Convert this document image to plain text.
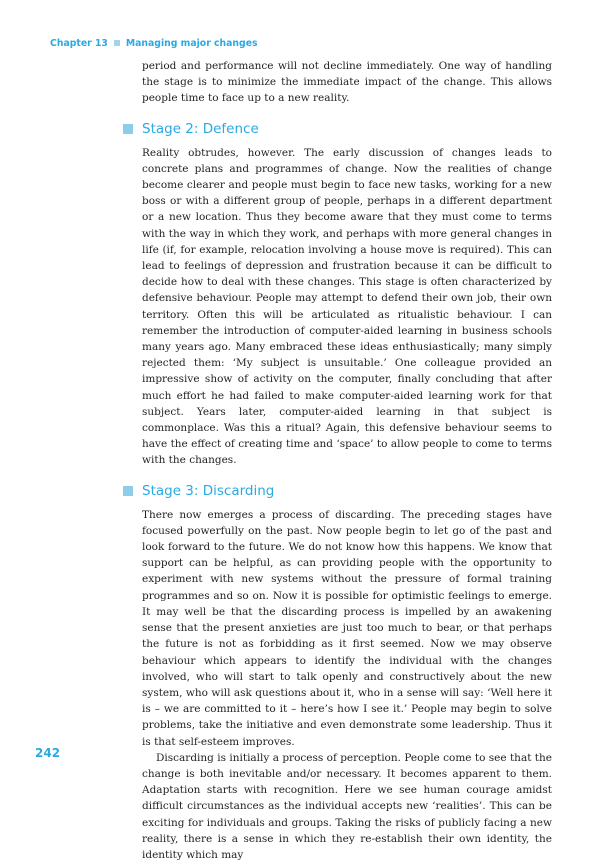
Chapter 13 Managing major changes

period and performance will not decline immediately. One way of handling the stage is to minimize the immediate impact of the change. This allows people time to face up to a new reality.

Stage 2: Defence

Reality obtrudes, however. The early discussion of changes leads to concrete plans and programmes of change. Now the realities of change become clearer and people must begin to face new tasks, working for a new boss or with a different group of people, perhaps in a different department or a new location. Thus they become aware that they must come to terms with the way in which they work, and perhaps with more general changes in life (if, for example, relocation involving a house move is required). This can lead to feelings of depression and frustration because it can be difficult to decide how to deal with these changes. This stage is often characterized by defensive behaviour. People may attempt to defend their own job, their own territory. Often this will be articulated as ritualistic behaviour. I can remember the introduction of computer-aided learning in business schools many years ago. Many embraced these ideas enthusiastically; many simply rejected them: ‘My subject is unsuitable.’ One colleague provided an impressive show of activity on the computer, finally concluding that after much effort he had failed to make computer-aided learning work for that subject. Years later, computer-aided learning in that subject is commonplace. Was this a ritual? Again, this defensive behaviour seems to have the effect of creating time and ‘space’ to allow people to come to terms with the changes.

Stage 3: Discarding

There now emerges a process of discarding. The preceding stages have focused powerfully on the past. Now people begin to let go of the past and look forward to the future. We do not know how this happens. We know that support can be helpful, as can providing people with the opportunity to experiment with new systems without the pressure of formal training programmes and so on. Now it is possible for optimistic feelings to emerge. It may well be that the discarding process is impelled by an awakening sense that the present anxieties are just too much to bear, or that perhaps the future is not as forbidding as it first seemed. Now we may observe behaviour which appears to identify the individual with the changes involved, who will start to talk openly and constructively about the new system, who will ask questions about it, who in a sense will say: ‘Well here it is – we are committed to it – here’s how I see it.’ People may begin to solve problems, take the initiative and even demonstrate some leadership. Thus it is that self-esteem improves.

Discarding is initially a process of perception. People come to see that the change is both inevitable and/or necessary. It becomes apparent to them. Adaptation starts with recognition. Here we see human courage amidst difficult circumstances as the individual accepts new ‘realities’. This can be exciting for individuals and groups. Taking the risks of publicly facing a new reality, there is a sense in which they re-establish their own identity, the identity which may

242
